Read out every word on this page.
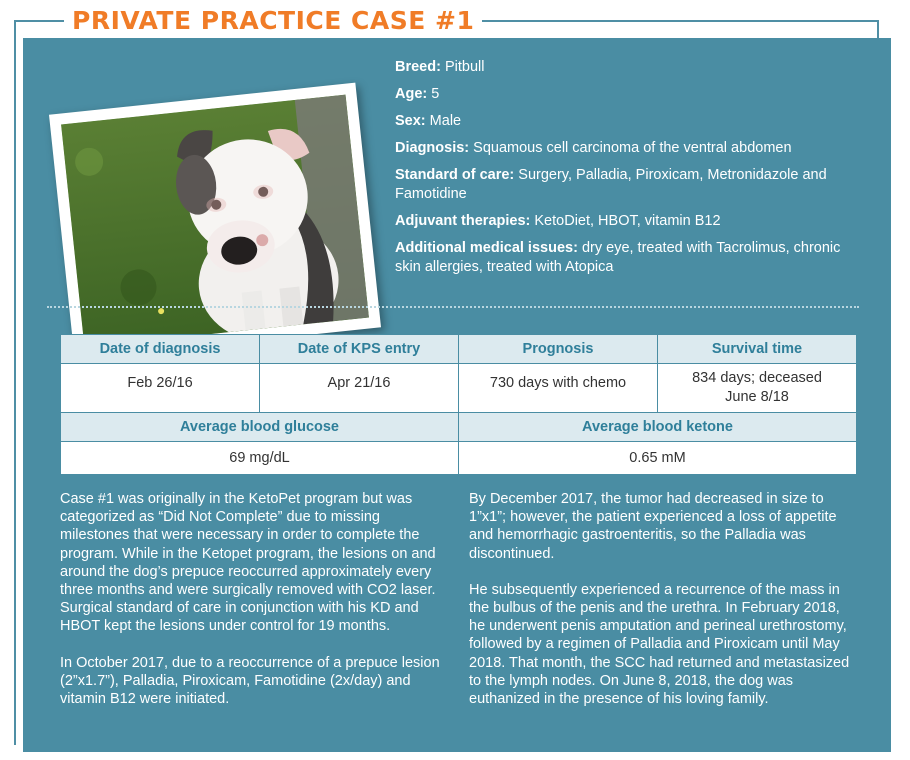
Breed: Pitbull
Age: 5
Sex: Male
Diagnosis: Squamous cell carcinoma of the ventral abdomen
Standard of care: Surgery, Palladia, Piroxicam, Metronidazole and Famotidine
Adjuvant therapies: KetoDiet, HBOT, vitamin B12
Additional medical issues: dry eye, treated with Tacrolimus, chronic skin allergies, treated with Atopica
Date of diagnosis	Date of KPS entry	Prognosis	Survival time
Feb 26/16	Apr 21/16	730 days with chemo	834 days; deceased June 8/18
Average blood glucose		Average blood ketone	
69 mg/dL		0.65 mM	

Case #1 was originally in the KetoPet program but was categorized as “Did Not Complete” due to missing milestones that were necessary in order to complete the program. While in the Ketopet program, the lesions on and around the dog’s prepuce reoccurred approximately every three months and were surgically removed with CO2 laser. Surgical standard of care in conjunction with his KD and HBOT kept the lesions under control for 19 months.

In October 2017, due to a reoccurrence of a prepuce lesion (2”x1.7”), Palladia, Piroxicam, Famotidine (2x/day) and vitamin B12 were initiated.

By December 2017, the tumor had decreased in size to 1”x1”; however, the patient experienced a loss of appetite and hemorrhagic gastroenteritis, so the Palladia was discontinued.

He subsequently experienced a recurrence of the mass in the bulbus of the penis and the urethra. In February 2018, he underwent penis amputation and perineal urethrostomy, followed by a regimen of Palladia and Piroxicam until May 2018. That month, the SCC had returned and metastasized to the lymph nodes. On June 8, 2018, the dog was euthanized in the presence of his loving family.

PRIVATE PRACTICE CASE #1
